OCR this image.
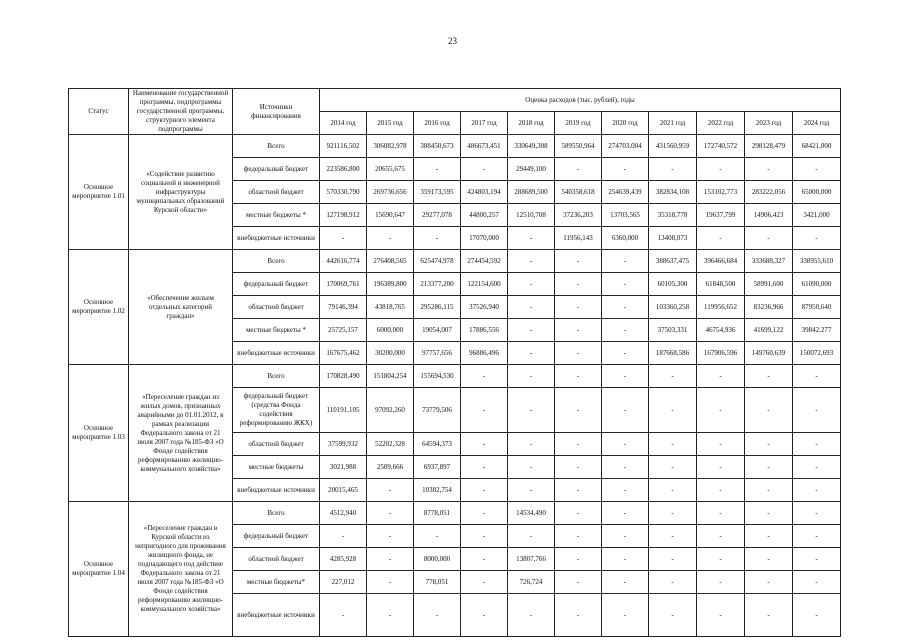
23
Статус	Наименование государственной программы, подпрограммы государственной программы, структурного элемента подпрограммы	Источники финансирования	Оценка расходов (тыс. рублей), годы										
			2014 год	2015 год	2016 год	2017 год	2018 год	2019 год	2020 год	2021 год	2022 год	2023 год	2024 год
Основное мероприятие 1.01	«Содействие развитию социальной и инженерной инфраструктуры муниципальных образований Курской области»	Всего	921116,502	306082,978	388450,673	486673,451	330649,308	589550,964	274703,004	431560,959	172740,572	298128,479	68421,000
		федеральный бюджет	223586,800	20655,675	-	-	29449,100	-	-	-	-	-	-
		областной бюджет	570330,790	269736,656	359173,595	424803,194	288689,500	540358,618	254639,439	382834,108	153102,773	283222,056	65000,000
		местные бюджеты *	127198,912	15690,647	29277,078	44800,257	12510,708	37236,203	13703,565	35318,778	19637,799	14906,423	3421,000
		внебюджетные источники	-	-	-	17070,000	-	11956,143	6360,000	13408,073	-	-	-
Основное мероприятие 1.02	«Обеспечение жильем отдельных категорий граждан»	Всего	442616,774	276408,565	625474,978	274454,592	-	-	-	388637,475	396466,684	333688,327	338955,610
		федеральный бюджет	170069,761	196389,800	213377,200	122154,600	-	-	-	60105,300	61848,500	58991,600	61090,000
		областной бюджет	79146,394	43818,765	295286,115	37526,940	-	-	-	103360,258	119956,652	83236,966	87950,640
		местные бюджеты *	25725,157	6000,000	19054,007	17886,556	-	-	-	37503,331	46754,936	41699,122	39842,277
		внебюджетные источники	167675,462	30200,000	97757,656	96886,496	-	-	-	187668,586	167906,596	149760,639	150072,693
Основное мероприятие 1.03	«Переселение граждан из жилых домов, признанных аварийными до 01.01.2012, в рамках реализации Федерального закона от 21 июля 2007 года №185-ФЗ «О Фонде содействия реформированию жилищно-коммунального хозяйства»	Всего	170828,490	151804,254	155694,530	-	-	-	-	-	-	-	-
		федеральный бюджет (средства Фонда содействия реформированию ЖКХ)	110191,105	97092,260	73779,506	-	-	-	-	-	-	-	-
		областной бюджет	37599,932	52202,328	64594,373	-	-	-	-	-	-	-	-
		местные бюджеты	3021,988	2509,666	6937,897	-	-	-	-	-	-	-	-
		внебюджетные источники	20015,465	-	10382,754	-	-	-	-	-	-	-	-
Основное мероприятие 1.04	«Переселение граждан в Курской области из непригодного для проживания жилищного фонда, не подпадающего под действие Федерального закона от 21 июля 2007 года №185-ФЗ «О Фонде содействия реформированию жилищно-коммунального хозяйства»	Всего	4512,940	-	8778,051	-	14534,490	-	-	-	-	-	-
		федеральный бюджет	-	-	-	-	-	-	-	-	-	-	-
		областной бюджет	4285,928	-	8000,000	-	13807,766	-	-	-	-	-	-
		местные бюджеты*	227,012	-	778,051	-	726,724	-	-	-	-	-	-
		внебюджетные источники	-	-	-	-	-	-	-	-	-	-	-
